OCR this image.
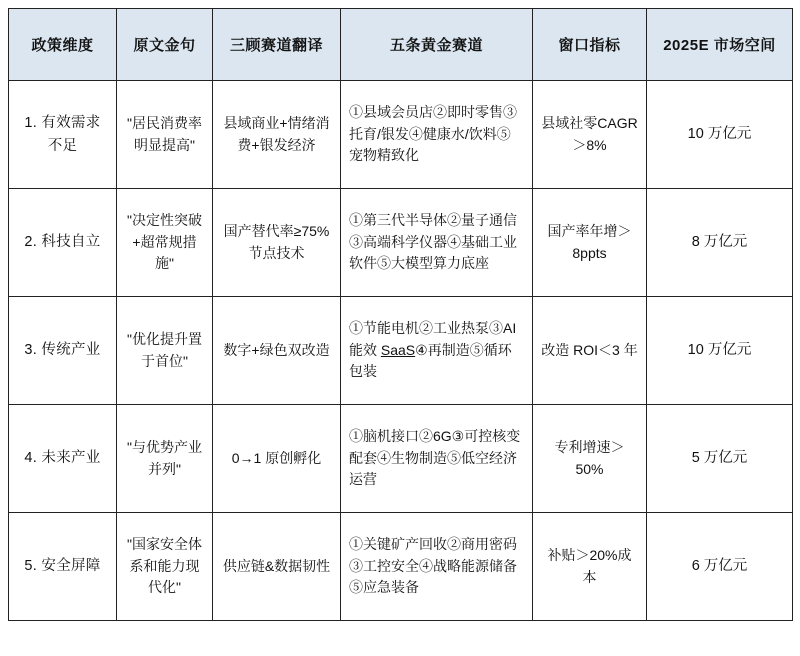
政策维度	原文金句	三顾赛道翻译	五条黄金赛道	窗口指标	2025E 市场空间
1. 有效需求不足	"居民消费率明显提高"	县域商业+情绪消费+银发经济	①县域会员店②即时零售③托育/银发④健康水/饮料⑤宠物精致化	县域社零CAGR＞8%	10 万亿元
2. 科技自立	"决定性突破+超常规措施"	国产替代率≥75%节点技术	①第三代半导体②量子通信③高端科学仪器④基础工业软件⑤大模型算力底座	国产率年增＞8ppts	8 万亿元
3. 传统产业	"优化提升置于首位"	数字+绿色双改造	①节能电机②工业热泵③AI能效 SaaS④再制造⑤循环包装	改造 ROI＜3 年	10 万亿元
4. 未来产业	"与优势产业并列"	0→1 原创孵化	①脑机接口②6G③可控核变配套④生物制造⑤低空经济运营	专利增速＞50%	5 万亿元
5. 安全屏障	"国家安全体系和能力现代化"	供应链&数据韧性	①关键矿产回收②商用密码③工控安全④战略能源储备⑤应急装备	补贴＞20%成本	6 万亿元
